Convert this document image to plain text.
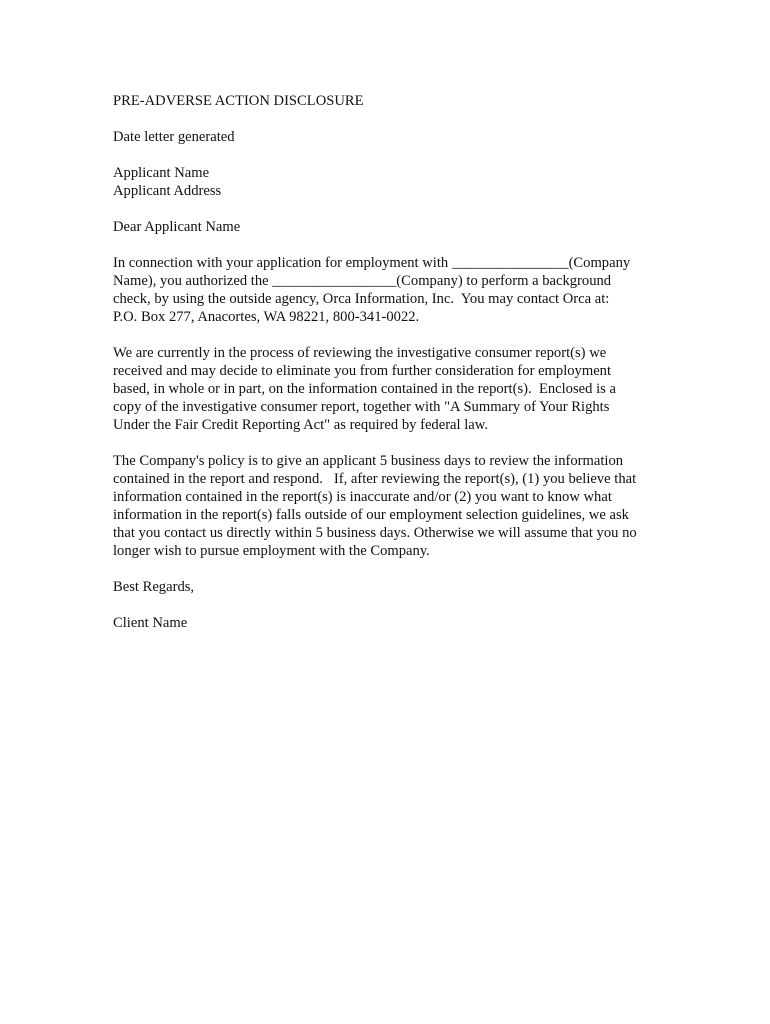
PRE-ADVERSE ACTION DISCLOSURE
Date letter generated
Applicant Name
Applicant Address
Dear Applicant Name
In connection with your application for employment with ________________(Company
Name), you authorized the _________________(Company) to perform a background
check, by using the outside agency, Orca Information, Inc.  You may contact Orca at:
P.O. Box 277, Anacortes, WA 98221, 800-341-0022.
We are currently in the process of reviewing the investigative consumer report(s) we
received and may decide to eliminate you from further consideration for employment
based, in whole or in part, on the information contained in the report(s).  Enclosed is a
copy of the investigative consumer report, together with "A Summary of Your Rights
Under the Fair Credit Reporting Act" as required by federal law.
The Company's policy is to give an applicant 5 business days to review the information
contained in the report and respond.   If, after reviewing the report(s), (1) you believe that
information contained in the report(s) is inaccurate and/or (2) you want to know what
information in the report(s) falls outside of our employment selection guidelines, we ask
that you contact us directly within 5 business days. Otherwise we will assume that you no
longer wish to pursue employment with the Company.
Best Regards,
Client Name
